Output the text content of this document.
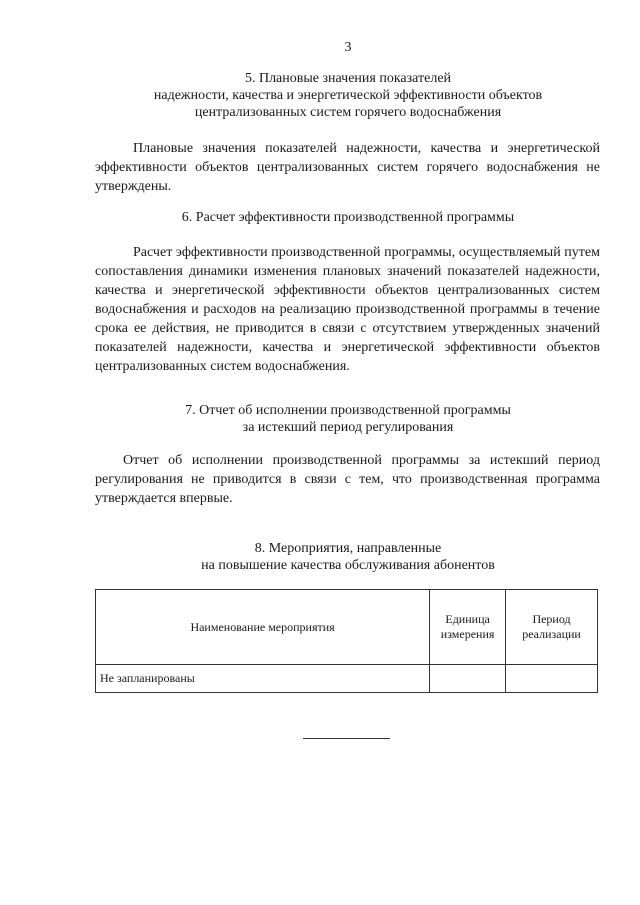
3
5. Плановые значения показателей
надежности, качества и энергетической эффективности объектов
централизованных систем горячего водоснабжения

Плановые значения показателей надежности, качества и энергетической эффективности объектов централизованных систем горячего водоснабжения не утверждены.

6. Расчет эффективности производственной программы

Расчет эффективности производственной программы, осуществляемый путем сопоставления динамики изменения плановых значений показателей надежности, качества и энергетической эффективности объектов централизованных систем водоснабжения и расходов на реализацию производственной программы в течение срока ее действия, не приводится в связи с отсутствием утвержденных значений показателей надежности, качества и энергетической эффективности объектов централизованных систем водоснабжения.

7. Отчет об исполнении производственной программы
за истекший период регулирования

Отчет об исполнении производственной программы за истекший период регулирования не приводится в связи с тем, что производственная программа утверждается впервые.

8. Мероприятия, направленные
на повышение качества обслуживания абонентов
Наименование мероприятия	Единица измерения	Период реализации
Не запланированы		
